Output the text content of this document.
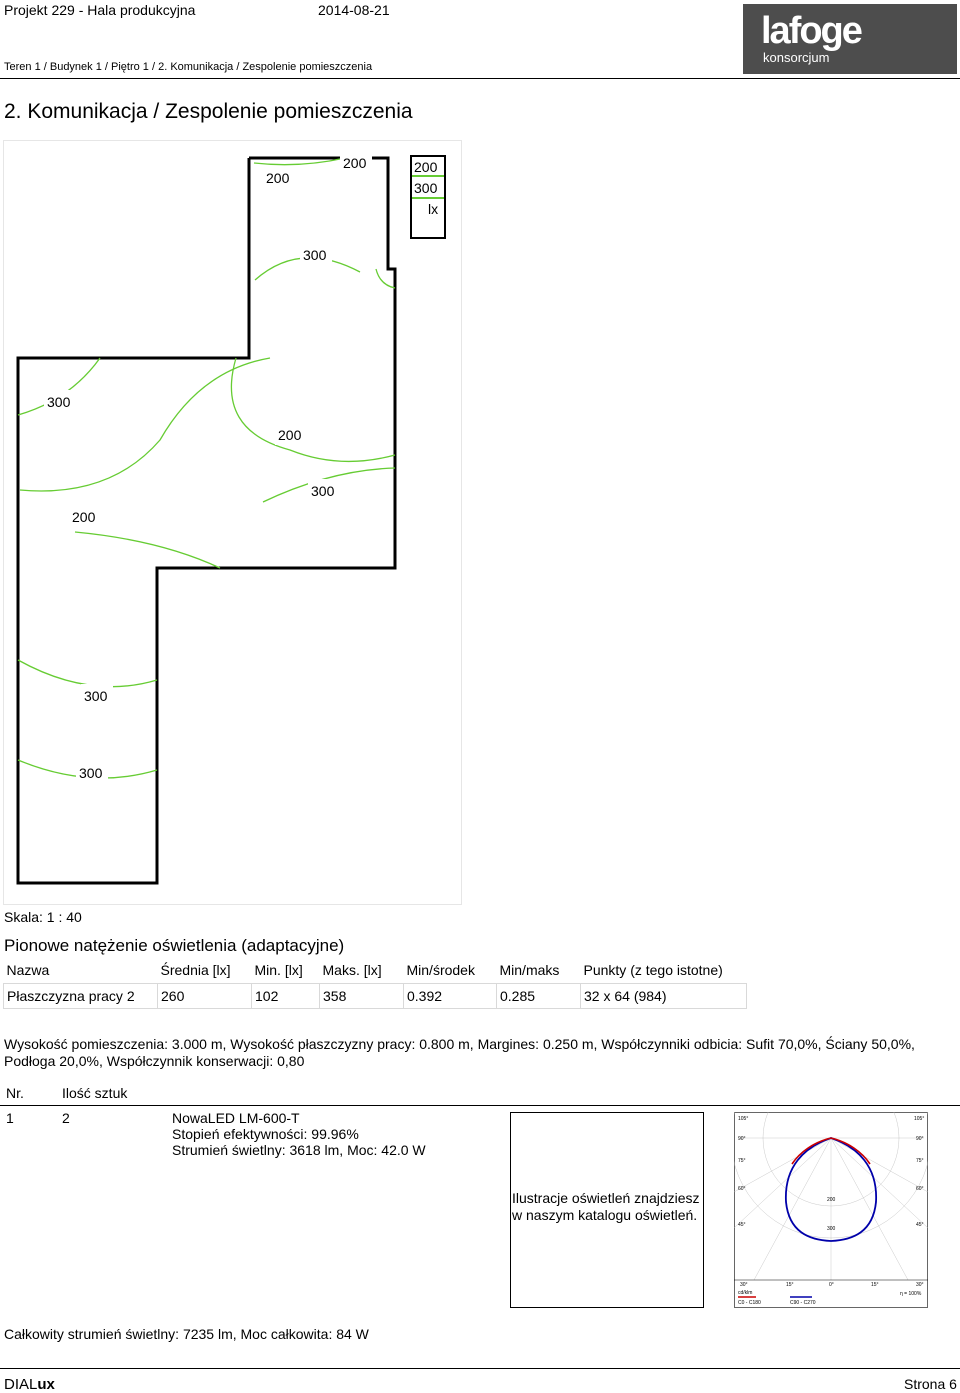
Projekt 229 - Hala produkcyjna	2014-08-21
Teren 1 / Budynek 1 / Piętro 1 / 2. Komunikacja / Zespolenie pomieszczenia
lafoge
konsorcjum
2. Komunikacja / Zespolenie pomieszczenia
200
200
300
300
200
300
200
300
300
200
300
lx
Skala: 1 : 40
Pionowe natężenie oświetlenia (adaptacyjne)
Nazwa	Średnia [lx]	Min. [lx]	Maks. [lx]	Min/środek	Min/maks	Punkty (z tego istotne)
Płaszczyzna pracy 2	260	102	358	0.392	0.285	32 x 64 (984)
Wysokość pomieszczenia: 3.000 m, Wysokość płaszczyzny pracy: 0.800 m, Margines: 0.250 m, Współczynniki odbicia: Sufit 70,0%, Ściany 50,0%, Podłoga 20,0%, Współczynnik konserwacji: 0,80
Nr.	Ilość sztuk
1	2	NowaLED LM-600-T
Stopień efektywności: 99.96%
Strumień świetlny: 3618 lm, Moc: 42.0 W
Ilustracje oświetleń znajdziesz
w naszym katalogu oświetleń.
105°
90°
75°
60°
45°
105°
90°
75°
60°
45°
200
300
30°	15°	0°	15°	30°
cd/klm
C0 - C180	C90 - C270
η = 100%
Całkowity strumień świetlny: 7235 lm, Moc całkowita: 84 W
DIALux	Strona 6
